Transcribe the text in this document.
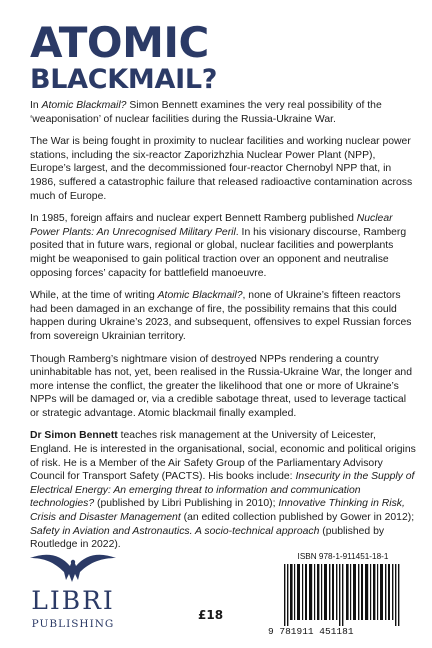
ATOMIC
BLACKMAIL?

In Atomic Blackmail? Simon Bennett examines the very real possibility of the ‘weaponisation’ of nuclear facilities during the Russia-Ukraine War.

The War is being fought in proximity to nuclear facilities and working nuclear power stations, including the six-reactor Zaporizhzhia Nuclear Power Plant (NPP), Europe’s largest, and the decommissioned four-reactor Chernobyl NPP that, in 1986, suffered a catastrophic failure that released radioactive contamination across much of Europe.

In 1985, foreign affairs and nuclear expert Bennett Ramberg published Nuclear Power Plants: An Unrecognised Military Peril. In his visionary discourse, Ramberg posited that in future wars, regional or global, nuclear facilities and powerplants might be weaponised to gain political traction over an opponent and neutralise opposing forces’ capacity for battlefield manoeuvre.

While, at the time of writing Atomic Blackmail?, none of Ukraine’s fifteen reactors had been damaged in an exchange of fire, the possibility remains that this could happen during Ukraine’s 2023, and subsequent, offensives to expel Russian forces from sovereign Ukrainian territory.

Though Ramberg’s nightmare vision of destroyed NPPs rendering a country uninhabitable has not, yet, been realised in the Russia-Ukraine War, the longer and more intense the conflict, the greater the likelihood that one or more of Ukraine’s NPPs will be damaged or, via a credible sabotage threat, used to leverage tactical or strategic advantage. Atomic blackmail finally exampled.

Dr Simon Bennett teaches risk management at the University of Leicester, England. He is interested in the organisational, social, economic and political origins of risk. He is a Member of the Air Safety Group of the Parliamentary Advisory Council for Transport Safety (PACTS). His books include: Insecurity in the Supply of Electrical Energy: An emerging threat to information and communication technologies? (published by Libri Publishing in 2010); Innovative Thinking in Risk, Crisis and Disaster Management (an edited collection published by Gower in 2012); Safety in Aviation and Astronautics. A socio-technical approach (published by Routledge in 2022).

LIBRI
PUBLISHING
£18
ISBN 978-1-911451-18-1
9 781911 451181
